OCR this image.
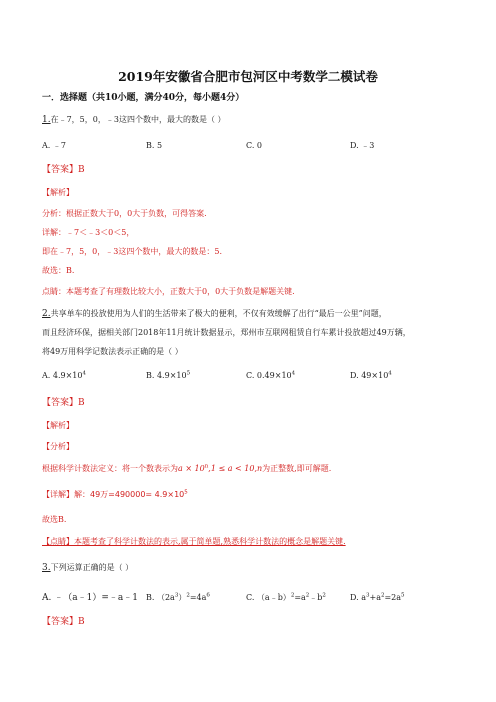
2019年安徽省合肥市包河区中考数学二模试卷
一．选择题（共10小题，满分40分，每小题4分）
1.在﹣7，5，0，﹣3这四个数中，最大的数是（ ）
A. ﹣7	B. 5	C. 0	D. ﹣3
【答案】B
【解析】
分析：根据正数大于0，0大于负数，可得答案.
详解：﹣7＜﹣3＜0＜5，
即在﹣7，5，0，﹣3这四个数中，最大的数是：5.
故选：B.
点睛：本题考查了有理数比较大小，正数大于0，0大于负数是解题关键.
2.共享单车的投放使用为人们的生活带来了极大的便利，不仅有效缓解了出行“最后一公里”问题，
而且经济环保，据相关部门2018年11月统计数据显示，郑州市互联网租赁自行车累计投放超过49万辆，
将49万用科学记数法表示正确的是（ ）
A. $4.9\times 10^4$	B. $4.9\times 10^5$	C. $0.49\times 10^4$	D. $49\times 10^4$
【答案】B
【解析】
【分析】
根据科学计数法定义：将一个数表示为$a \times 10^n,1 \le a < 10,n$为正整数,即可解题.
【详解】解：49万$=490000= 4.9\times 10^5$
故选B.
【点睛】本题考查了科学计数法的表示,属于简单题,熟悉科学计数法的概念是解题关键.
3.下列运算正确的是（ ）
A. ﹣（a﹣1）=﹣a﹣1 B. $(2a^3)^2=4a^6$	C. $(a﹣b)^2=a^2﹣b^2$	D. $a^3+a^2=2a^5$
【答案】B
